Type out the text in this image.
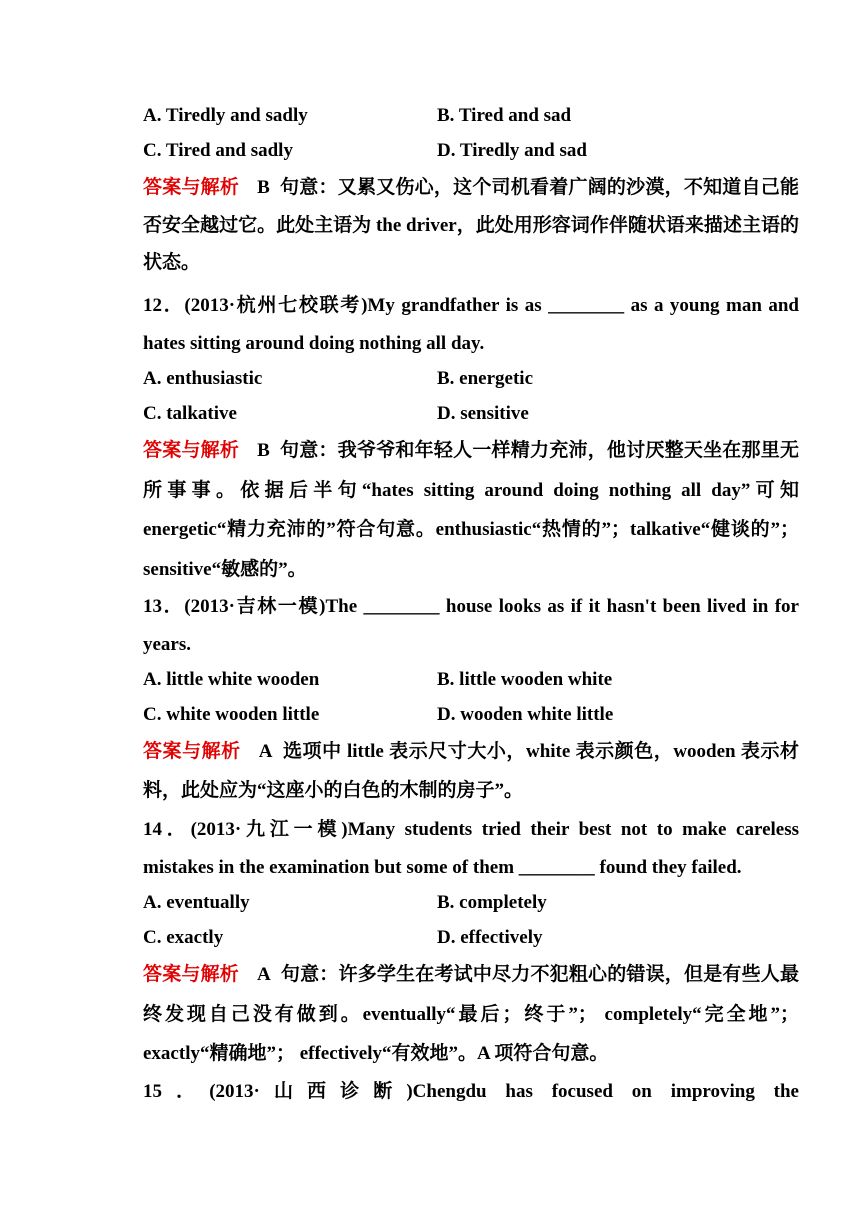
A. Tiredly and sadly	B. Tired and sad
C. Tired and sadly	D. Tiredly and sad
答案与解析 B 句意：又累又伤心，这个司机看着广阔的沙漠，不知道自己能否安全越过它。此处主语为 the driver，此处用形容词作伴随状语来描述主语的状态。
12．(2013·杭州七校联考)My grandfather is as ________ as a young man and hates sitting around doing nothing all day.
A. enthusiastic	B. energetic
C. talkative	D. sensitive
答案与解析 B 句意：我爷爷和年轻人一样精力充沛，他讨厌整天坐在那里无所事事。依据后半句“hates sitting around doing nothing all day”可知 energetic“精力充沛的”符合句意。enthusiastic“热情的”；talkative“健谈的”； sensitive“敏感的”。
13．(2013·吉林一模)The ________ house looks as if it hasn't been lived in for years.
A. little white wooden	B. little wooden white
C. white wooden little	D. wooden white little
答案与解析 A 选项中 little 表示尺寸大小，white 表示颜色，wooden 表示材料，此处应为“这座小的白色的木制的房子”。
14．(2013·九江一模)Many students tried their best not to make careless mistakes in the examination but some of them ________ found they failed.
A. eventually	B. completely
C. exactly	D. effectively
答案与解析 A 句意：许多学生在考试中尽力不犯粗心的错误，但是有些人最终发现自己没有做到。eventually“最后；终于”； completely“完全地”； exactly“精确地”； effectively“有效地”。A 项符合句意。
15．(2013·山西诊断)Chengdu has focused on improving the
